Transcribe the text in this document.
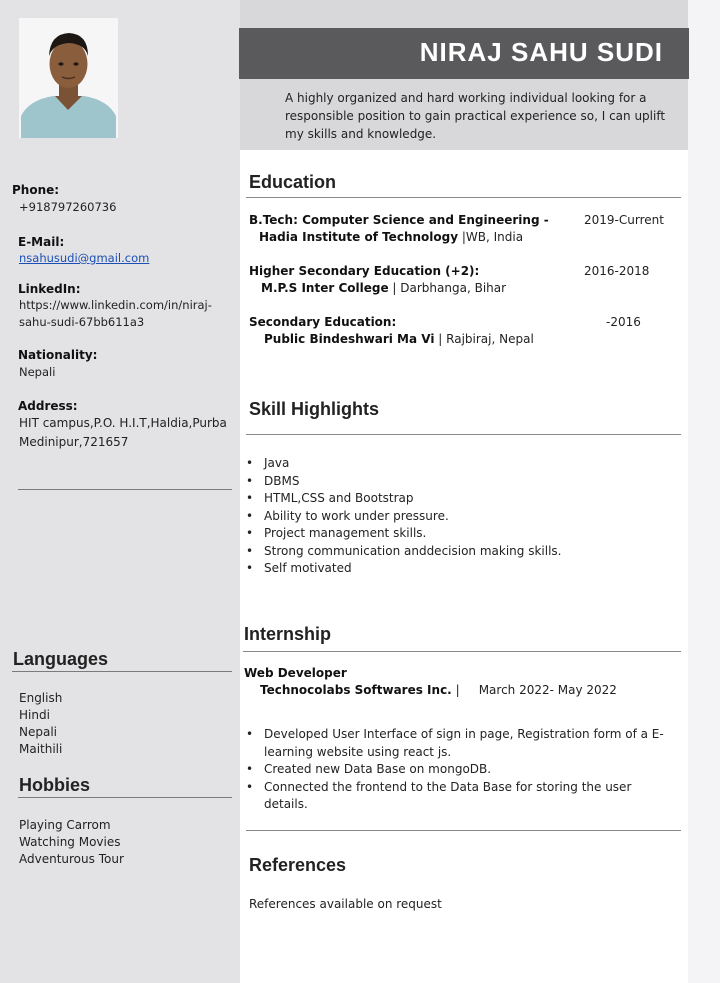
NIRAJ SAHU SUDI
A highly organized and hard working individual looking for a responsible position to gain practical experience so, I can uplift my skills and knowledge.
Phone:
+918797260736
E-Mail:
nsahusudi@gmail.com
LinkedIn:
https://www.linkedin.com/in/niraj-
sahu-sudi-67bb611a3
Nationality:
Nepali
Address:
HIT campus,P.O. H.I.T,Haldia,Purba
Medinipur,721657
Languages
English
Hindi
Nepali
Maithili
Hobbies
Playing Carrom
Watching Movies
Adventurous Tour
Education
B.Tech: Computer Science and Engineering -	2019-Current
Hadia Institute of Technology |WB, India
Higher Secondary Education (+2):	2016-2018
M.P.S Inter College | Darbhanga, Bihar
Secondary Education:	-2016
Public Bindeshwari Ma Vi | Rajbiraj, Nepal
Skill Highlights
• Java
• DBMS
• HTML,CSS and Bootstrap
• Ability to work under pressure.
• Project management skills.
• Strong communication anddecision making skills.
• Self motivated
Internship
Web Developer
Technocolabs Softwares Inc. |     March 2022- May 2022
• Developed User Interface of sign in page, Registration form of a E-learning website using react js.
• Created new Data Base on mongoDB.
• Connected the frontend to the Data Base for storing the user details.
References
References available on request
